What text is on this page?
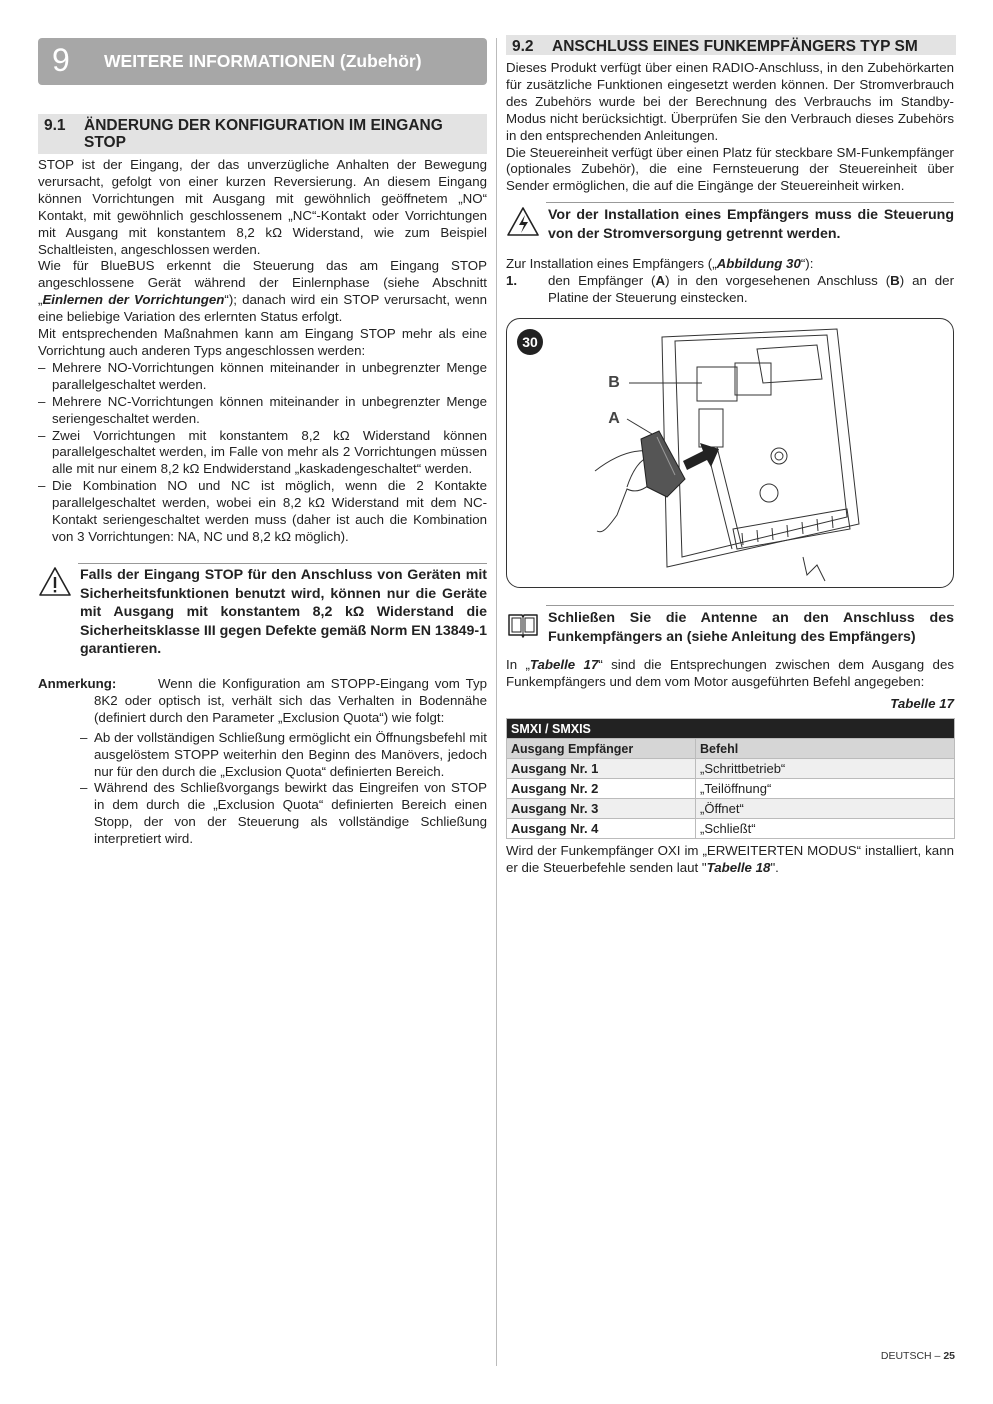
9 WEITERE INFORMATIONEN (Zubehör)
9.1 ÄNDERUNG DER KONFIGURATION IM EINGANG STOP

STOP ist der Eingang, der das unverzügliche Anhalten der Bewegung verursacht, gefolgt von einer kurzen Reversierung. An diesem Eingang können Vorrichtungen mit Ausgang mit gewöhnlich geöffnetem „NO“ Kontakt, mit gewöhnlich geschlossenem „NC“-Kontakt oder Vorrichtungen mit Ausgang mit konstantem 8,2 kΩ Widerstand, wie zum Beispiel Schaltleisten, angeschlossen werden.

Wie für BlueBUS erkennt die Steuerung das am Eingang STOP angeschlossene Gerät während der Einlernphase (siehe Abschnitt „Einlernen der Vorrichtungen“); danach wird ein STOP verursacht, wenn eine beliebige Variation des erlernten Status erfolgt.

Mit entsprechenden Maßnahmen kann am Eingang STOP mehr als eine Vorrichtung auch anderen Typs angeschlossen werden:

– Mehrere NO-Vorrichtungen können miteinander in unbegrenzter Menge parallelgeschaltet werden.
– Mehrere NC-Vorrichtungen können miteinander in unbegrenzter Menge seriengeschaltet werden.
– Zwei Vorrichtungen mit konstantem 8,2 kΩ Widerstand können parallelgeschaltet werden, im Falle von mehr als 2 Vorrichtungen müssen alle mit nur einem 8,2 kΩ Endwiderstand „kaskadengeschaltet“ werden.
– Die Kombination NO und NC ist möglich, wenn die 2 Kontakte parallelgeschaltet werden, wobei ein 8,2 kΩ Widerstand mit dem NC-Kontakt seriengeschaltet werden muss (daher ist auch die Kombination von 3 Vorrichtungen: NA, NC und 8,2 kΩ möglich).
Falls der Eingang STOP für den Anschluss von Geräten mit Sicherheitsfunktionen benutzt wird, können nur die Geräte mit Ausgang mit konstantem 8,2 kΩ Widerstand die Sicherheitsklasse III gegen Defekte gemäß Norm EN 13849-1 garantieren.
Anmerkung:	Wenn die Konfiguration am STOPP-Eingang vom Typ 8K2 oder optisch ist, verhält sich das Verhalten in Bodennähe (definiert durch den Parameter „Exclusion Quota“) wie folgt:

– Ab der vollständigen Schließung ermöglicht ein Öffnungsbefehl mit ausgelöstem STOPP weiterhin den Beginn des Manövers, jedoch nur für den durch die „Exclusion Quota“ definierten Bereich.
– Während des Schließvorgangs bewirkt das Eingreifen von STOP in dem durch die „Exclusion Quota“ definierten Bereich einen Stopp, der von der Steuerung als vollständige Schließung interpretiert wird.
9.2 ANSCHLUSS EINES FUNKEMPFÄNGERS TYP SM

Dieses Produkt verfügt über einen RADIO-Anschluss, in den Zubehörkarten für zusätzliche Funktionen eingesetzt werden können. Der Stromverbrauch des Zubehörs wurde bei der Berechnung des Verbrauchs im Standby-Modus nicht berücksichtigt. Überprüfen Sie den Verbrauch dieses Zubehörs in den entsprechenden Anleitungen.

Die Steuereinheit verfügt über einen Platz für steckbare SM-Funkempfänger (optionales Zubehör), die eine Fernsteuerung der Steuereinheit über Sender ermöglichen, die auf die Eingänge der Steuereinheit wirken.

Vor der Installation eines Empfängers muss die Steuerung von der Stromversorgung getrennt werden.

Zur Installation eines Empfängers („Abbildung 30“):

1. den Empfänger (A) in den vorgesehenen Anschluss (B) an der Platine der Steuerung einstecken.

30
B
A
Schließen Sie die Antenne an den Anschluss des Funkempfängers an (siehe Anleitung des Empfängers)

In „Tabelle 17“ sind die Entsprechungen zwischen dem Ausgang des Funkempfängers und dem vom Motor ausgeführten Befehl angegeben:

Tabelle 17
SMXI / SMXIS	
Ausgang Empfänger	Befehl
Ausgang Nr. 1	„Schrittbetrieb“
Ausgang Nr. 2	„Teilöffnung“
Ausgang Nr. 3	„Öffnet“
Ausgang Nr. 4	„Schließt“

Wird der Funkempfänger OXI im „ERWEITERTEN MODUS“ installiert, kann er die Steuerbefehle senden laut "Tabelle 18".

DEUTSCH – 25
